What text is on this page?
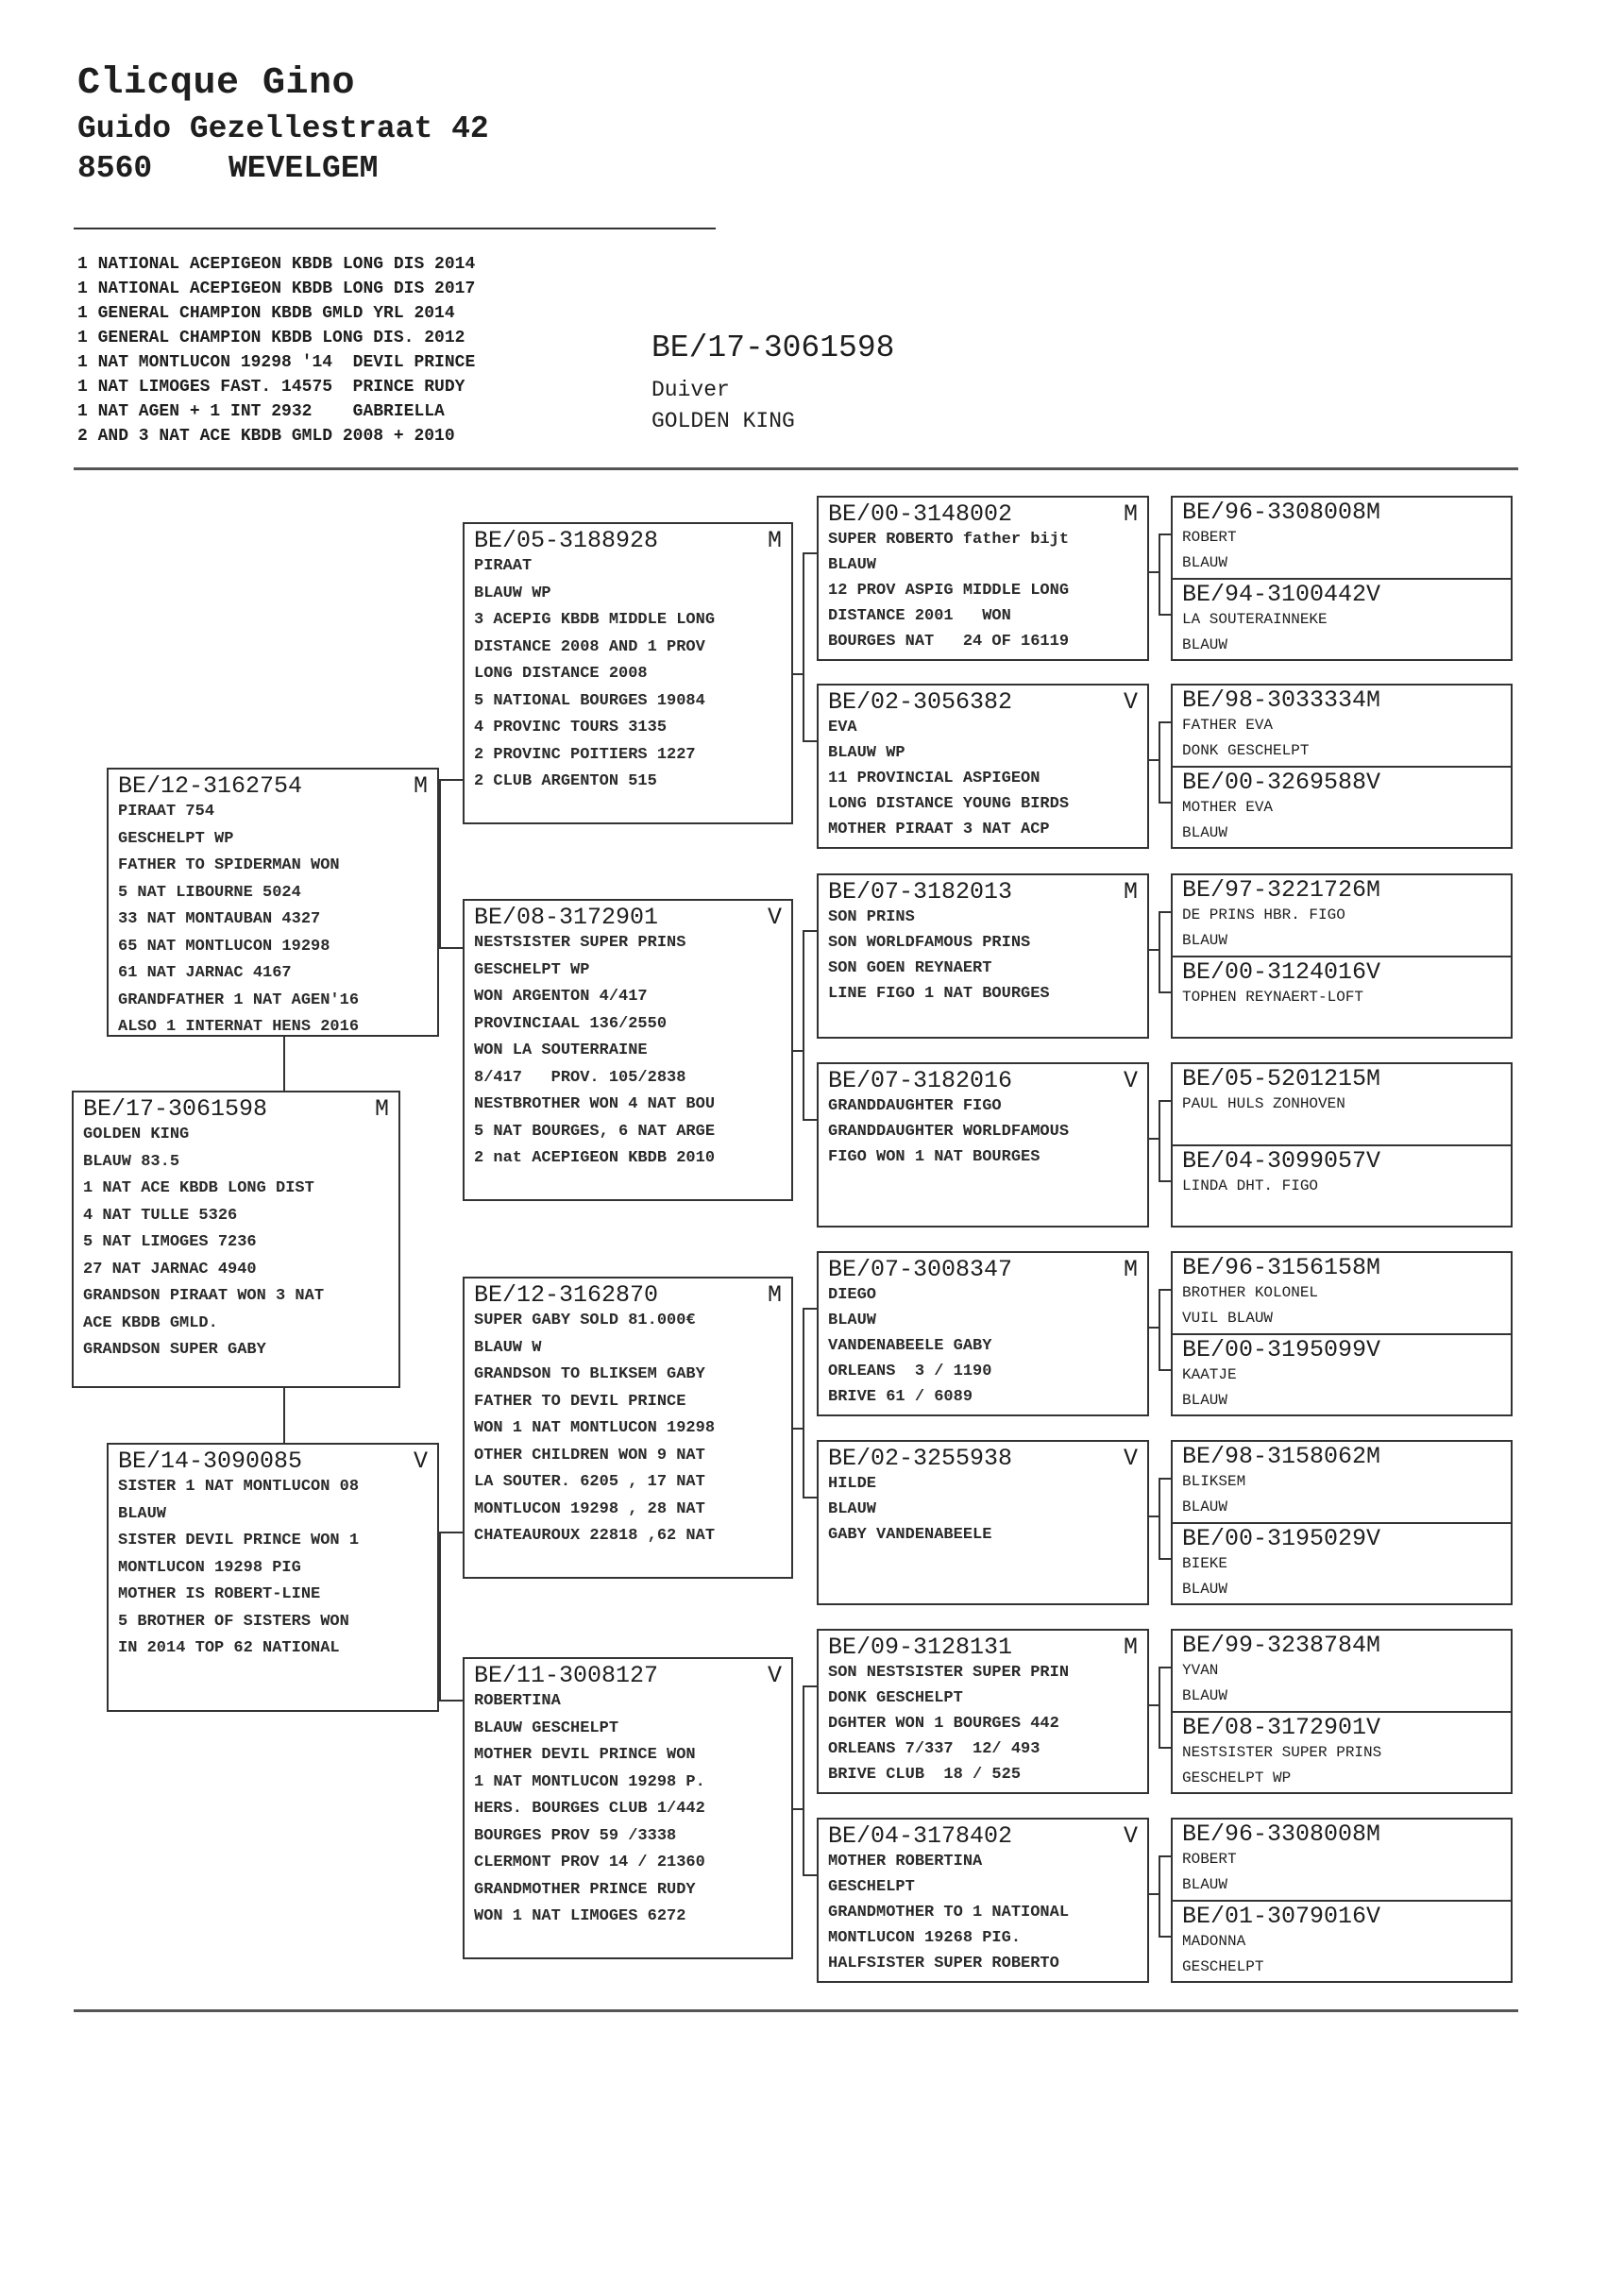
Clicque Gino
Guido Gezellestraat 42
8560 WEVELGEM
1 NATIONAL ACEPIGEON KBDB LONG DIS 2014
1 NATIONAL ACEPIGEON KBDB LONG DIS 2017
1 GENERAL CHAMPION KBDB GMLD YRL 2014
1 GENERAL CHAMPION KBDB LONG DIS. 2012
1 NAT MONTLUCON 19298 '14  DEVIL PRINCE
1 NAT LIMOGES FAST. 14575  PRINCE RUDY
1 NAT AGEN + 1 INT 2932    GABRIELLA
2 AND 3 NAT ACE KBDB GMLD 2008 + 2010
BE/17-3061598
Duiver
GOLDEN KING
BE/17-3061598	M
GOLDEN KING
BLAUW 83.5
1 NAT ACE KBDB LONG DIST
4 NAT TULLE 5326
5 NAT LIMOGES 7236
27 NAT JARNAC 4940
GRANDSON PIRAAT WON 3 NAT
ACE KBDB GMLD.
GRANDSON SUPER GABY
BE/12-3162754	M
PIRAAT 754
GESCHELPT WP
FATHER TO SPIDERMAN WON
5 NAT LIBOURNE 5024
33 NAT MONTAUBAN 4327
65 NAT MONTLUCON 19298
61 NAT JARNAC 4167
GRANDFATHER 1 NAT AGEN'16
ALSO 1 INTERNAT HENS 2016
BE/14-3090085	V
SISTER 1 NAT MONTLUCON 08
BLAUW
SISTER DEVIL PRINCE WON 1
MONTLUCON 19298 PIG
MOTHER IS ROBERT-LINE
5 BROTHER OF SISTERS WON
IN 2014 TOP 62 NATIONAL
BE/05-3188928	M
PIRAAT
BLAUW WP
3 ACEPIG KBDB MIDDLE LONG
DISTANCE 2008 AND 1 PROV
LONG DISTANCE 2008
5 NATIONAL BOURGES 19084
4 PROVINC TOURS 3135
2 PROVINC POITIERS 1227
2 CLUB ARGENTON 515
BE/08-3172901	V
NESTSISTER SUPER PRINS
GESCHELPT WP
WON ARGENTON 4/417
PROVINCIAAL 136/2550
WON LA SOUTERRAINE
8/417   PROV. 105/2838
NESTBROTHER WON 4 NAT BOU
5 NAT BOURGES, 6 NAT ARGE
2 nat ACEPIGEON KBDB 2010
BE/12-3162870	M
SUPER GABY SOLD 81.000€
BLAUW W
GRANDSON TO BLIKSEM GABY
FATHER TO DEVIL PRINCE
WON 1 NAT MONTLUCON 19298
OTHER CHILDREN WON 9 NAT
LA SOUTER. 6205 , 17 NAT
MONTLUCON 19298 , 28 NAT
CHATEAUROUX 22818 ,62 NAT
BE/11-3008127	V
ROBERTINA
BLAUW GESCHELPT
MOTHER DEVIL PRINCE WON
1 NAT MONTLUCON 19298 P.
HERS. BOURGES CLUB 1/442
BOURGES PROV 59 /3338
CLERMONT PROV 14 / 21360
GRANDMOTHER PRINCE RUDY
WON 1 NAT LIMOGES 6272
BE/00-3148002	M
SUPER ROBERTO father bijt
BLAUW
12 PROV ASPIG MIDDLE LONG
DISTANCE 2001   WON
BOURGES NAT   24 OF 16119
BE/02-3056382	V
EVA
BLAUW WP
11 PROVINCIAL ASPIGEON
LONG DISTANCE YOUNG BIRDS
MOTHER PIRAAT 3 NAT ACP
BE/07-3182013	M
SON PRINS
SON WORLDFAMOUS PRINS
SON GOEN REYNAERT
LINE FIGO 1 NAT BOURGES
BE/07-3182016	V
GRANDDAUGHTER FIGO
GRANDDAUGHTER WORLDFAMOUS
FIGO WON 1 NAT BOURGES
BE/07-3008347	M
DIEGO
BLAUW
VANDENABEELE GABY
ORLEANS  3 / 1190
BRIVE 61 / 6089
BE/02-3255938	V
HILDE
BLAUW
GABY VANDENABEELE
BE/09-3128131	M
SON NESTSISTER SUPER PRIN
DONK GESCHELPT
DGHTER WON 1 BOURGES 442
ORLEANS 7/337  12/ 493
BRIVE CLUB  18 / 525
BE/04-3178402	V
MOTHER ROBERTINA
GESCHELPT
GRANDMOTHER TO 1 NATIONAL
MONTLUCON 19268 PIG.
HALFSISTER SUPER ROBERTO
BE/96-3308008M
ROBERT
BLAUW
BE/94-3100442V
LA SOUTERAINNEKE
BLAUW
BE/98-3033334M
FATHER EVA
DONK GESCHELPT
BE/00-3269588V
MOTHER EVA
BLAUW
BE/97-3221726M
DE PRINS HBR. FIGO
BLAUW
BE/00-3124016V
TOPHEN REYNAERT-LOFT
BE/05-5201215M
PAUL HULS ZONHOVEN
BE/04-3099057V
LINDA DHT. FIGO
BE/96-3156158M
BROTHER KOLONEL
VUIL BLAUW
BE/00-3195099V
KAATJE
BLAUW
BE/98-3158062M
BLIKSEM
BLAUW
BE/00-3195029V
BIEKE
BLAUW
BE/99-3238784M
YVAN
BLAUW
BE/08-3172901V
NESTSISTER SUPER PRINS
GESCHELPT WP
BE/96-3308008M
ROBERT
BLAUW
BE/01-3079016V
MADONNA
GESCHELPT
